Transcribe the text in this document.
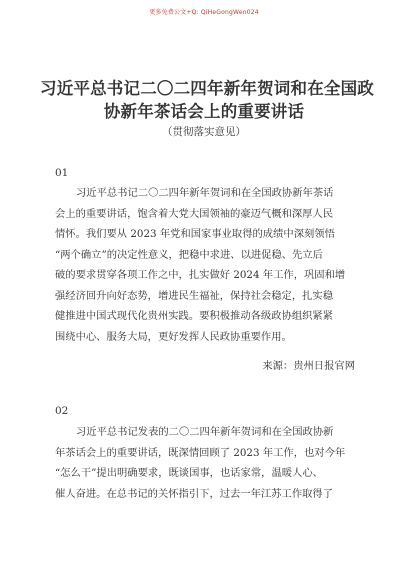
更多免费公文+Q: QiHeGongWen024
习近平总书记二〇二四年新年贺词和在全国政
协新年茶话会上的重要讲话
（贯彻落实意见）
01
习近平总书记二〇二四年新年贺词和在全国政协新年茶话
会上的重要讲话，饱含着大党大国领袖的豪迈气概和深厚人民
情怀。我们要从 2023 年党和国家事业取得的成绩中深刻领悟
“两个确立”的决定性意义，把稳中求进、以进促稳、先立后
破的要求贯穿各项工作之中，扎实做好 2024 年工作，巩固和增
强经济回升向好态势，增进民生福祉，保持社会稳定，扎实稳
健推进中国式现代化贵州实践。要积极推动各级政协组织紧紧
围绕中心、服务大局，更好发挥人民政协重要作用。
来源：贵州日报官网
02
习近平总书记发表的二〇二四年新年贺词和在全国政协新
年茶话会上的重要讲话，既深情回顾了 2023 年工作，也对今年
“怎么干”提出明确要求，既谈国事，也话家常，温暖人心、
催人奋进。在总书记的关怀指引下，过去一年江苏工作取得了
